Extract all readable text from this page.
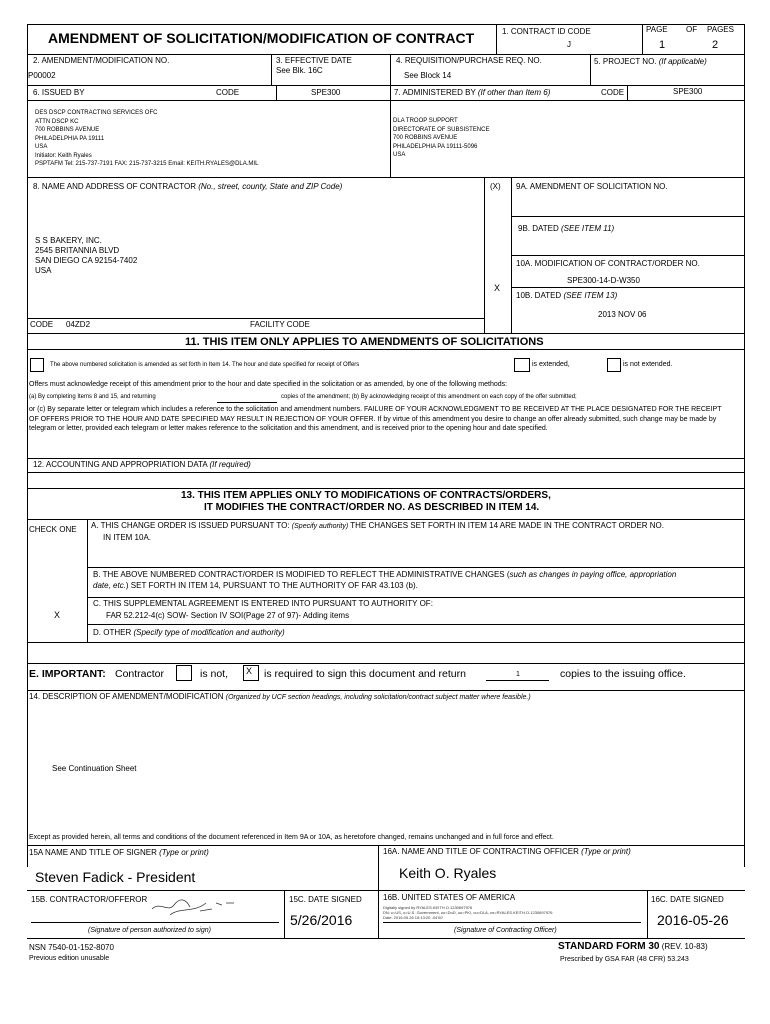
AMENDMENT OF SOLICITATION/MODIFICATION OF CONTRACT	1. CONTRACT ID CODE
J
PAGE OF PAGES
1	2
2. AMENDMENT/MODIFICATION NO.
P00002
3. EFFECTIVE DATE
See Blk. 16C
4. REQUISITION/PURCHASE REQ. NO.
See Block 14
5. PROJECT NO. (If applicable)
6. ISSUED BY	CODE	SPE300	7. ADMINISTERED BY (If other than Item 6)	CODE	SPE300
DES DSCP CONTRACTING SERVICES OFC
ATTN DSCP KC
700 ROBBINS AVENUE
PHILADELPHIA PA 19111
USA
Initiator: Keith Ryales
PSPTAFM Tel: 215-737-7191 FAX: 215-737-3215 Email: KEITH.RYALES@DLA.MIL
DLA TROOP SUPPORT
DIRECTORATE OF SUBSISTENCE
700 ROBBINS AVENUE
PHILADELPHIA PA 19111-5096
USA
8. NAME AND ADDRESS OF CONTRACTOR (No., street, county, State and ZIP Code)
S S BAKERY, INC.
2545 BRITANNIA BLVD
SAN DIEGO CA 92154-7402
USA
CODE 04ZD2	FACILITY CODE
(X) 9A. AMENDMENT OF SOLICITATION NO.
9B. DATED (SEE ITEM 11)
10A. MODIFICATION OF CONTRACT/ORDER NO.
SPE300-14-D-W350
X
10B. DATED (SEE ITEM 13)
2013 NOV 06
11. THIS ITEM ONLY APPLIES TO AMENDMENTS OF SOLICITATIONS
The above numbered solicitation is amended as set forth in Item 14. The hour and date specified for receipt of Offers	is extended,	is not extended.
Offers must acknowledge receipt of this amendment prior to the hour and date specified in the solicitation or as amended, by one of the following methods:
(a) By completing Items 8 and 15, and returning	copies of the amendment; (b) By acknowledging receipt of this amendment on each copy of the offer submitted;
or (c) By separate letter or telegram which includes a reference to the solicitation and amendment numbers. FAILURE OF YOUR ACKNOWLEDGMENT TO BE RECEIVED AT THE PLACE DESIGNATED FOR THE RECEIPT OF OFFERS PRIOR TO THE HOUR AND DATE SPECIFIED MAY RESULT IN REJECTION OF YOUR OFFER. If by virtue of this amendment you desire to change an offer already submitted, such change may be made by telegram or letter, provided each telegram or letter makes reference to the solicitation and this amendment, and is received prior to the opening hour and date specified.
12. ACCOUNTING AND APPROPRIATION DATA (If required)
13. THIS ITEM APPLIES ONLY TO MODIFICATIONS OF CONTRACTS/ORDERS,
IT MODIFIES THE CONTRACT/ORDER NO. AS DESCRIBED IN ITEM 14.
CHECK ONE A. THIS CHANGE ORDER IS ISSUED PURSUANT TO: (Specify authority) THE CHANGES SET FORTH IN ITEM 14 ARE MADE IN THE CONTRACT ORDER NO.
IN ITEM 10A.
B. THE ABOVE NUMBERED CONTRACT/ORDER IS MODIFIED TO REFLECT THE ADMINISTRATIVE CHANGES (such as changes in paying office, appropriation
date, etc.) SET FORTH IN ITEM 14, PURSUANT TO THE AUTHORITY OF FAR 43.103 (b).
C. THIS SUPPLEMENTAL AGREEMENT IS ENTERED INTO PURSUANT TO AUTHORITY OF:
FAR 52.212-4(c) SOW- Section IV SOI(Page 27 of 97)- Adding items
X
D. OTHER (Specify type of modification and authority)
E. IMPORTANT: Contractor	is not, X is required to sign this document and return	1	copies to the issuing office.
14. DESCRIPTION OF AMENDMENT/MODIFICATION (Organized by UCF section headings, including solicitation/contract subject matter where feasible.)
See Continuation Sheet
Except as provided herein, all terms and conditions of the document referenced in Item 9A or 10A, as heretofore changed, remains unchanged and in full force and effect.
15A NAME AND TITLE OF SIGNER (Type or print)
Steven Fadick - President
16A. NAME AND TITLE OF CONTRACTING OFFICER (Type or print)
Keith O. Ryales
15B. CONTRACTOR/OFFEROR
(Signature of person authorized to sign)
15C. DATE SIGNED
5/26/2016
16B. UNITED STATES OF AMERICA
Digitally signed by RYALES.KEITH.O.1230697976
DN: c=US, o=U.S. Government, ou=DoD, ou=PKI, ou=DLA, cn=RYALES.KEITH.O.1230697976
Date: 2016.05.26 15:13:20 -04'00'
(Signature of Contracting Officer)
16C. DATE SIGNED
2016-05-26
NSN 7540-01-152-8070
Previous edition unusable
STANDARD FORM 30 (REV. 10-83)
Prescribed by GSA FAR (48 CFR) 53.243
